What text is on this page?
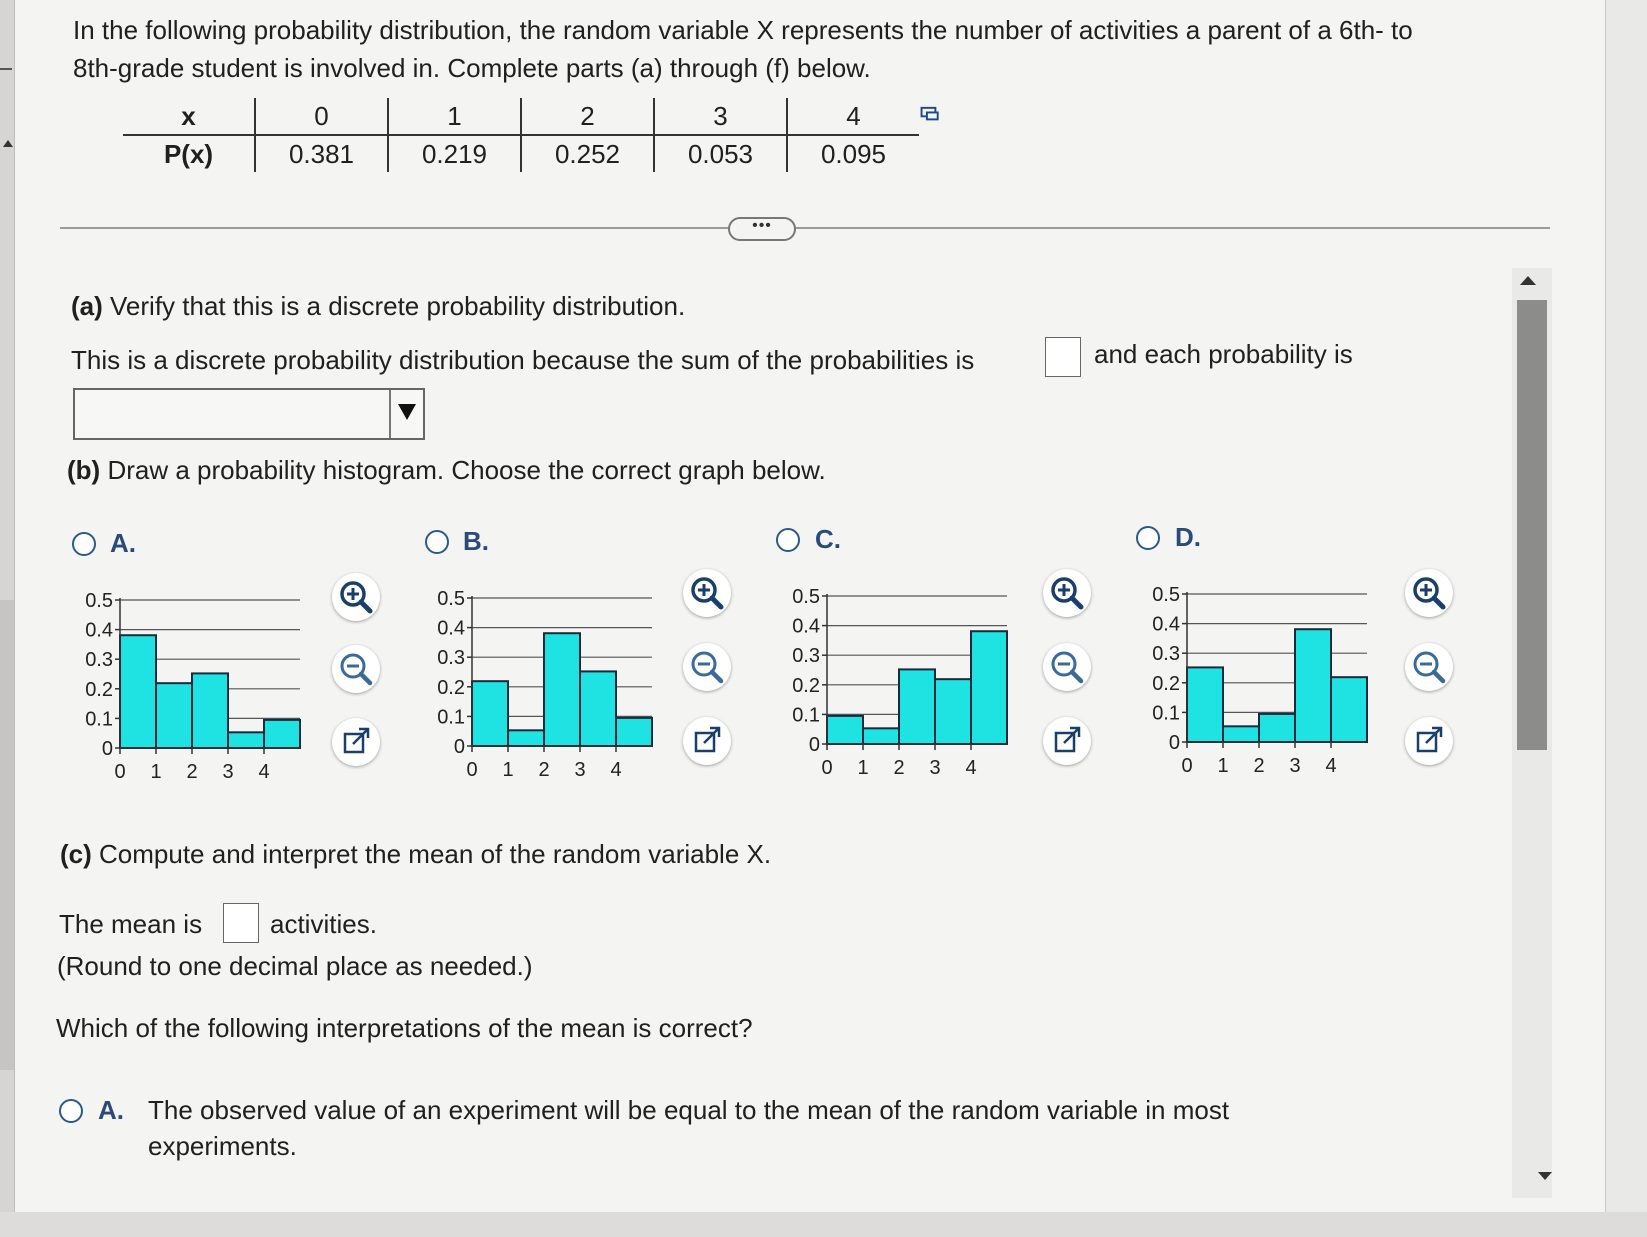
In the following probability distribution, the random variable X represents the number of activities a parent of a 6th- to
8th-grade student is involved in. Complete parts (a) through (f) below.
x	0	1	2	3	4
P(x)	0.381	0.219	0.252	0.053	0.095
•••
(a) Verify that this is a discrete probability distribution.
This is a discrete probability distribution because the sum of the probabilities is	and each probability is
(b) Draw a probability histogram. Choose the correct graph below.
A.	B.	C.	D.
0
0.1
0.2
0.3
0.4
0.5
0 1 2 3 4
0
0.1
0.2
0.3
0.4
0.5
0 1 2 3 4
0
0.1
0.2
0.3
0.4
0.5
0 1 2 3 4
0
0.1
0.2
0.3
0.4
0.5
0 1 2 3 4
(c) Compute and interpret the mean of the random variable X.
The mean is	activities.
(Round to one decimal place as needed.)
Which of the following interpretations of the mean is correct?
A. The observed value of an experiment will be equal to the mean of the random variable in most
experiments.
